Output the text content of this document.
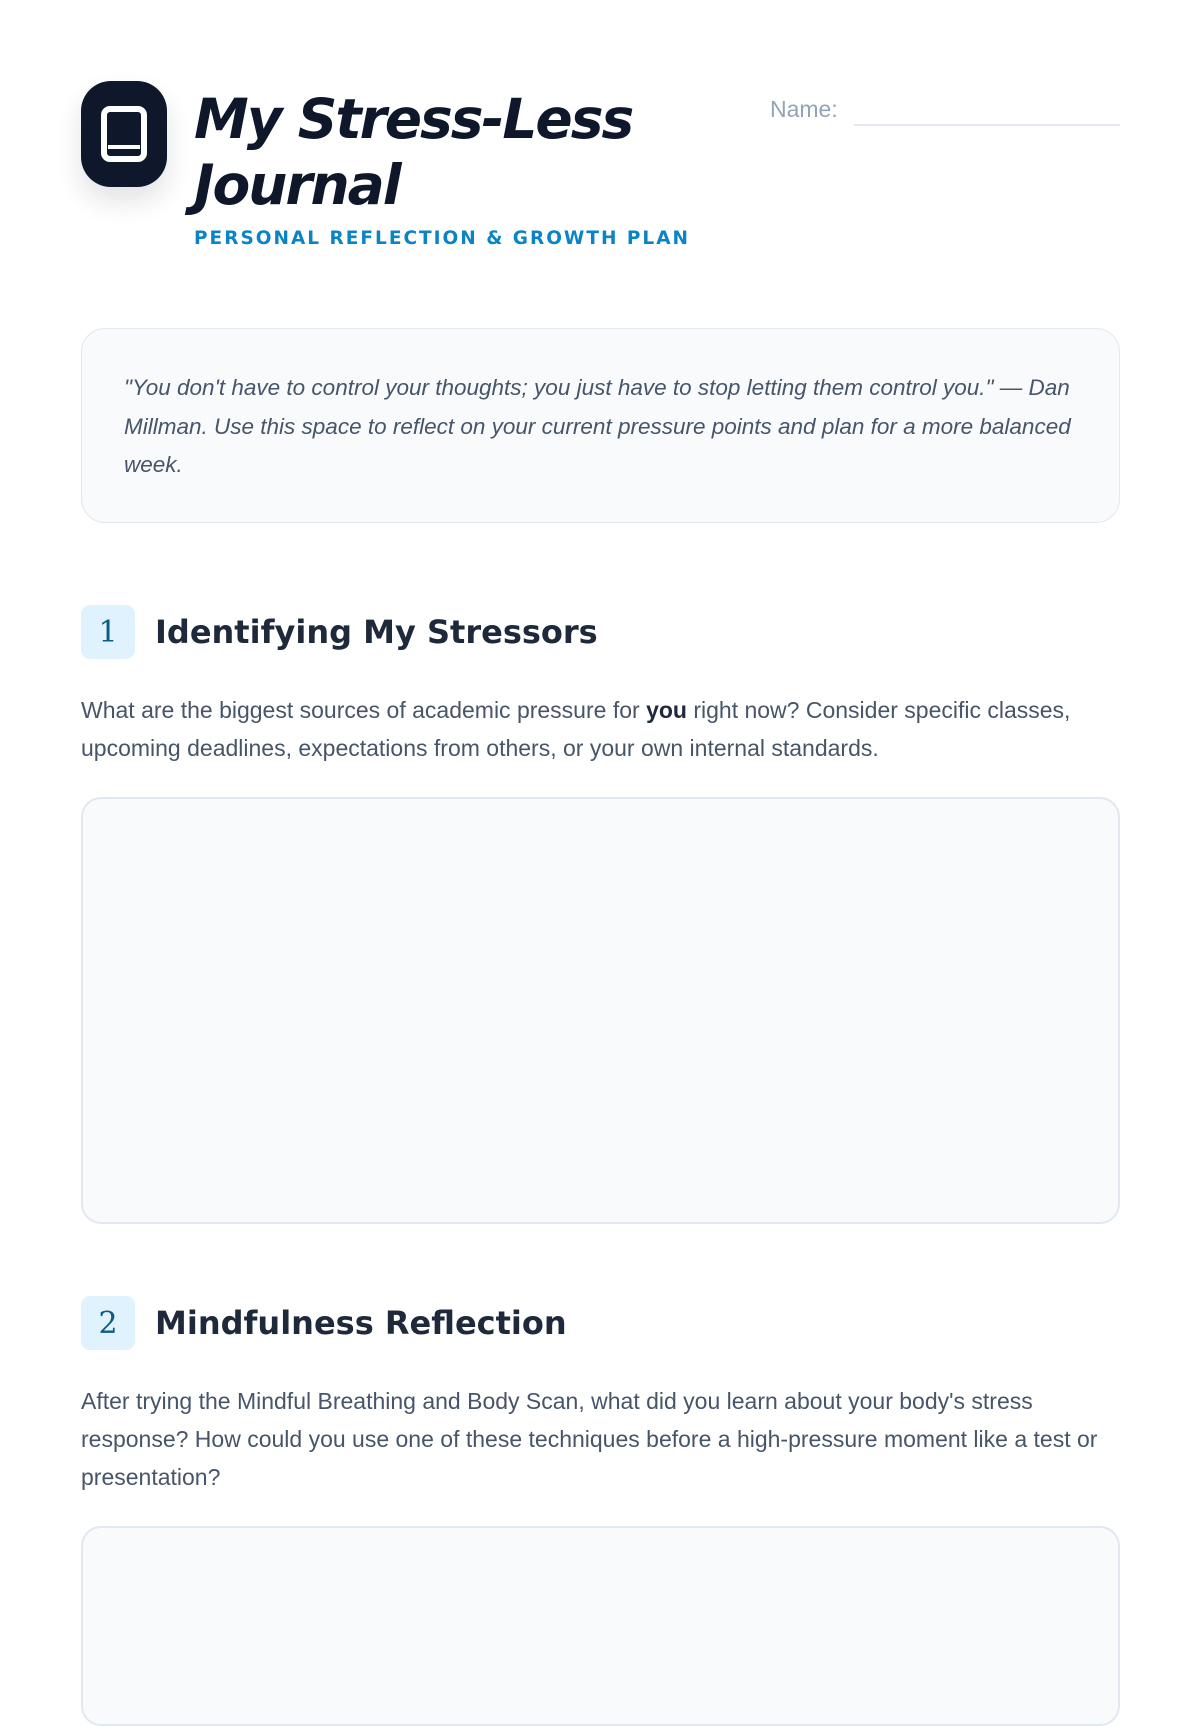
My Stress-Less
Journal
PERSONAL REFLECTION & GROWTH PLAN
Name:
"You don't have to control your thoughts; you just have to stop letting them control you." — Dan Millman. Use this space to reflect on your current pressure points and plan for a more balanced week.
1	Identifying My Stressors
What are the biggest sources of academic pressure for you right now? Consider specific classes, upcoming deadlines, expectations from others, or your own internal standards.
2	Mindfulness Reflection
After trying the Mindful Breathing and Body Scan, what did you learn about your body's stress response? How could you use one of these techniques before a high-pressure moment like a test or presentation?
